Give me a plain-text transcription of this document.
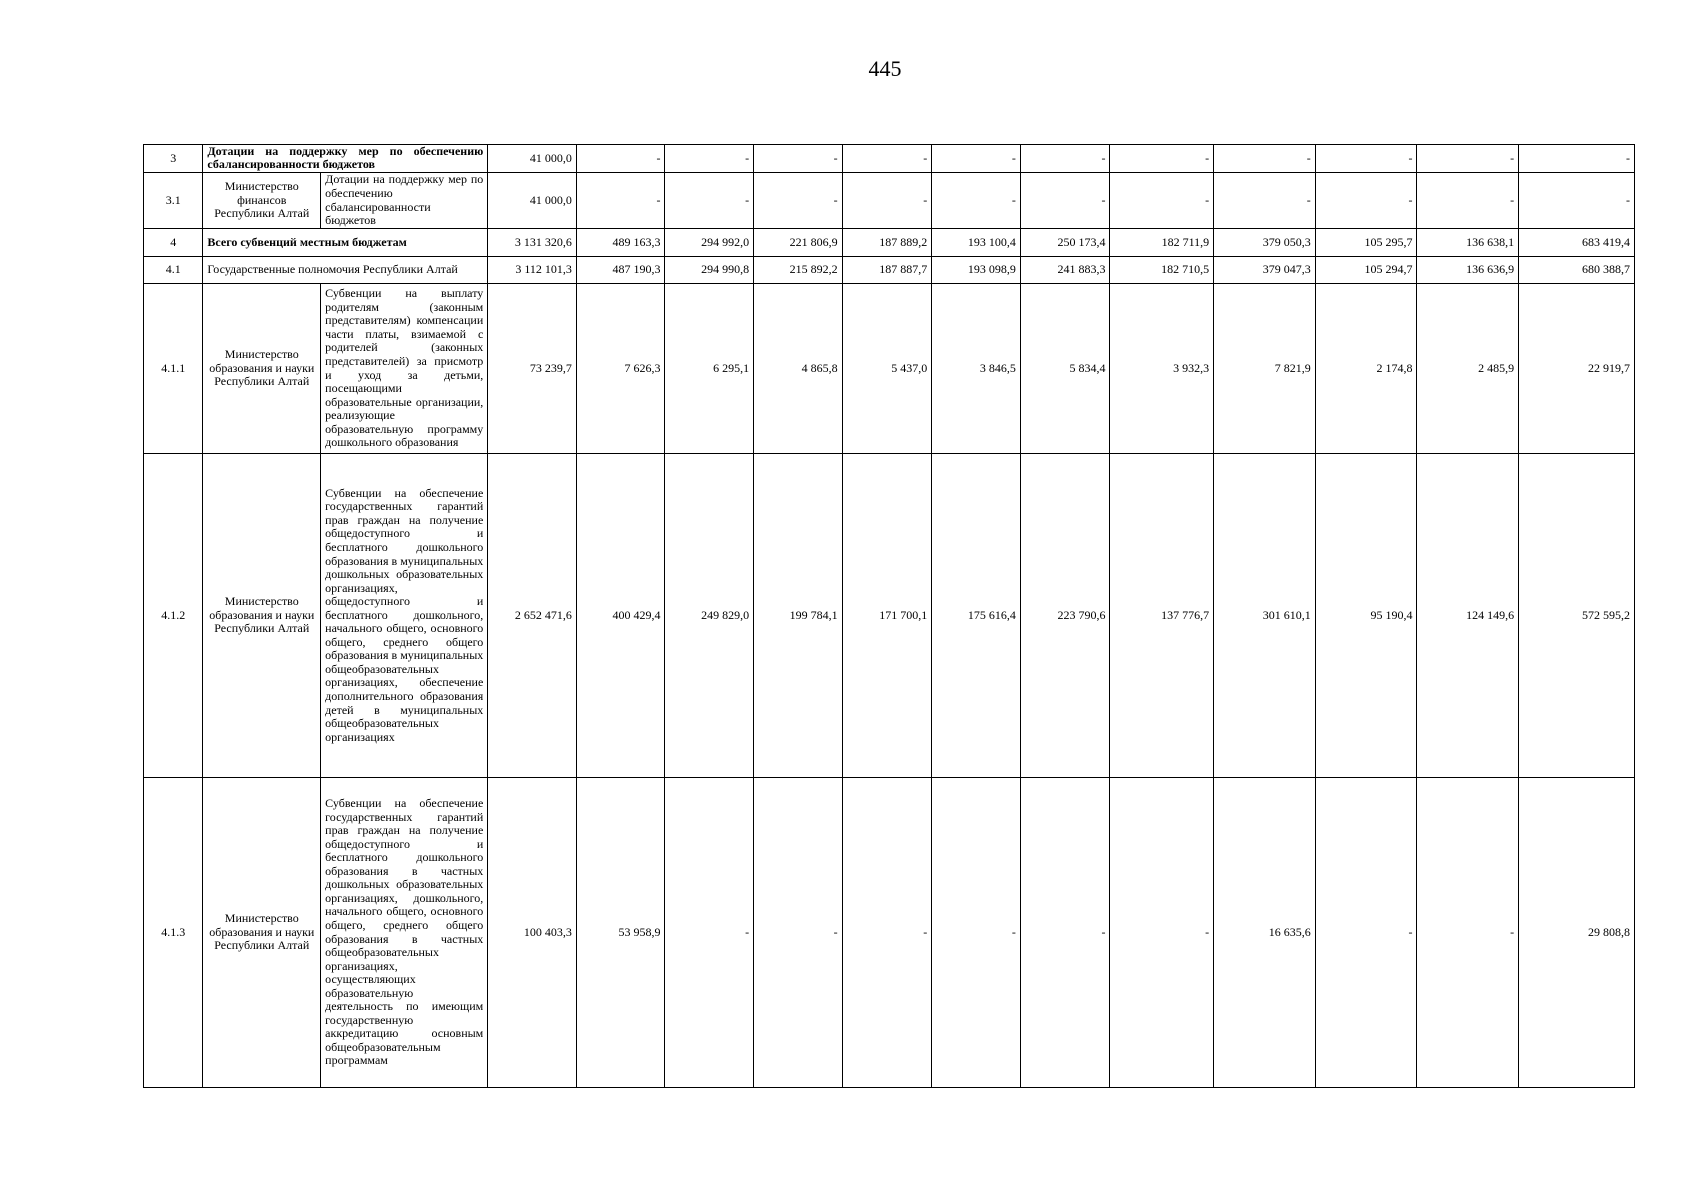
445
3	Дотации на поддержку мер по обеспечению сбалансированности бюджетов		41 000,0	-	-	-	-	-	-	-	-	-	-	-
3.1	Министерство финансов Республики Алтай	Дотации на поддержку мер по обеспечению сбалансированности бюджетов	41 000,0	-	-	-	-	-	-	-	-	-	-	-
4	Всего субвенций местным бюджетам		3 131 320,6	489 163,3	294 992,0	221 806,9	187 889,2	193 100,4	250 173,4	182 711,9	379 050,3	105 295,7	136 638,1	683 419,4
4.1	Государственные полномочия Республики Алтай		3 112 101,3	487 190,3	294 990,8	215 892,2	187 887,7	193 098,9	241 883,3	182 710,5	379 047,3	105 294,7	136 636,9	680 388,7
4.1.1	Министерство образования и науки Республики Алтай	Субвенции на выплату родителям (законным представителям) компенсации части платы, взимаемой с родителей (законных представителей) за присмотр и уход за детьми, посещающими образовательные организации, реализующие образовательную программу дошкольного образования	73 239,7	7 626,3	6 295,1	4 865,8	5 437,0	3 846,5	5 834,4	3 932,3	7 821,9	2 174,8	2 485,9	22 919,7
4.1.2	Министерство образования и науки Республики Алтай	Субвенции на обеспечение государственных гарантий прав граждан на получение общедоступного и бесплатного дошкольного образования в муниципальных дошкольных образовательных организациях, общедоступного и бесплатного дошкольного, начального общего, основного общего, среднего общего образования в муниципальных общеобразовательных организациях, обеспечение дополнительного образования детей в муниципальных общеобразовательных организациях	2 652 471,6	400 429,4	249 829,0	199 784,1	171 700,1	175 616,4	223 790,6	137 776,7	301 610,1	95 190,4	124 149,6	572 595,2
4.1.3	Министерство образования и науки Республики Алтай	Субвенции на обеспечение государственных гарантий прав граждан на получение общедоступного и бесплатного дошкольного образования в частных дошкольных образовательных организациях, дошкольного, начального общего, основного общего, среднего общего образования в частных общеобразовательных организациях, осуществляющих образовательную деятельность по имеющим государственную аккредитацию основным общеобразовательным программам	100 403,3	53 958,9	-	-	-	-	-	-	16 635,6	-	-	29 808,8
